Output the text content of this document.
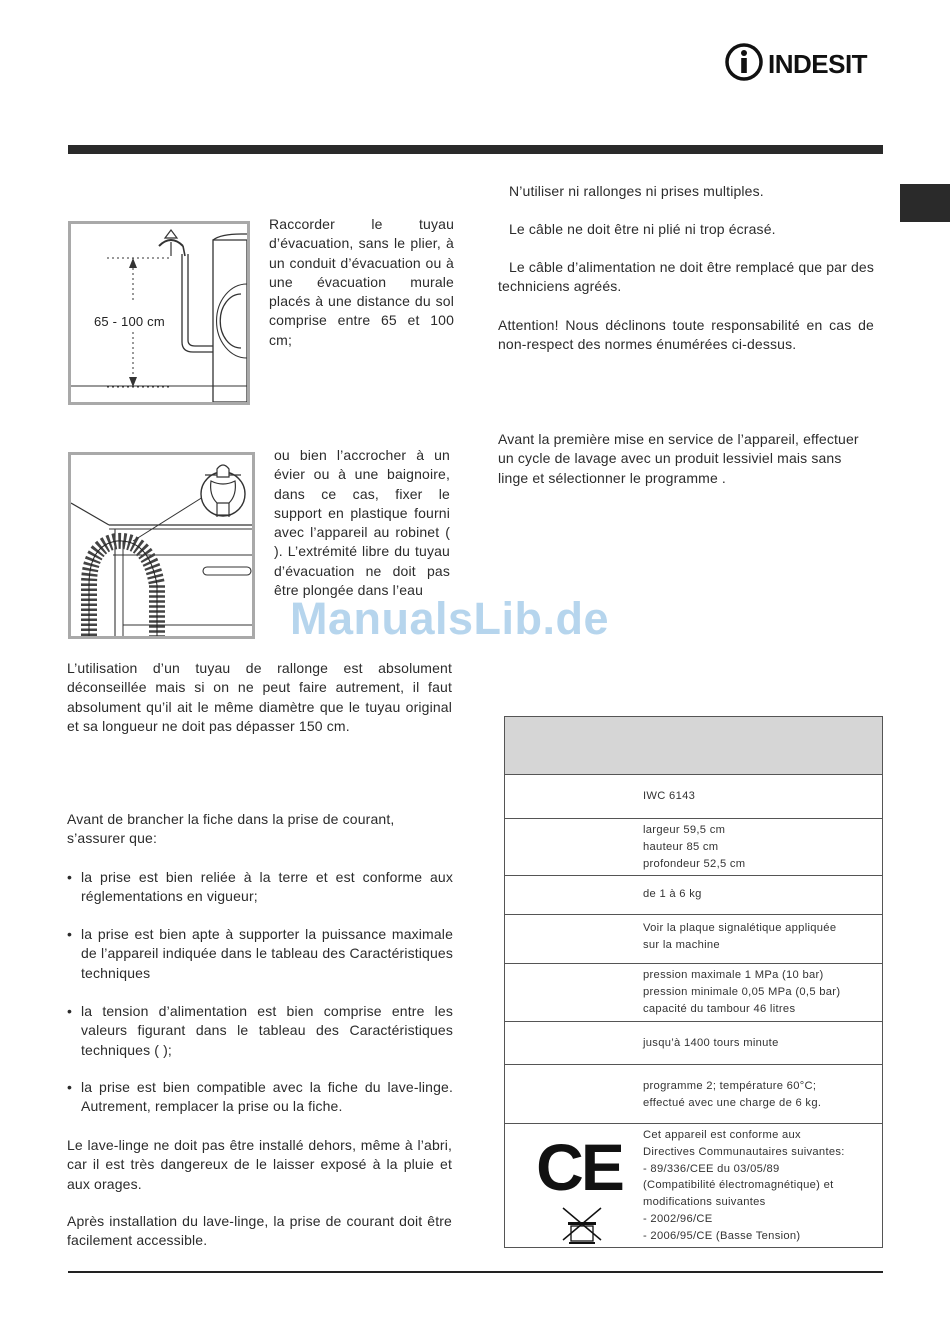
INDESIT
65 - 100 cm
Raccorder le tuyau d’évacuation, sans le plier, à un conduit d’évacuation ou à une évacuation murale placés à une distance du sol comprise entre 65 et 100 cm;
ou bien l’accrocher à un évier ou à une baignoire, dans ce cas, fixer le support en plastique fourni avec l’appareil au robinet ( ). L’extrémité libre du tuyau d’évacuation ne doit pas être plongée dans l’eau
ManualsLib.de
L’utilisation d’un tuyau de rallonge est absolument déconseillée mais si on ne peut faire autrement, il faut absolument qu’il ait le même diamètre que le tuyau original et sa longueur ne doit pas dépasser 150 cm.
Avant de brancher la fiche dans la prise de courant, s’assurer que:
• la prise est bien reliée à la terre et est conforme aux réglementations en vigueur;
• la prise est bien apte à supporter la puissance maximale de l’appareil indiquée dans le tableau des Caractéristiques techniques
• la tension d’alimentation est bien comprise entre les valeurs figurant dans le tableau des Caractéristiques techniques ( );
• la prise est bien compatible avec la fiche du lave-linge. Autrement, remplacer la prise ou la fiche.
Le lave-linge ne doit pas être installé dehors, même à l’abri, car il est très dangereux de le laisser exposé à la pluie et aux orages.
Après installation du lave-linge, la prise de courant doit être facilement accessible.
N’utiliser ni rallonges ni prises multiples.
Le câble ne doit être ni plié ni trop écrasé.
Le câble d’alimentation ne doit être remplacé que par des techniciens agréés.
Attention! Nous déclinons toute responsabilité en cas de non-respect des normes énumérées ci-dessus.
Avant la première mise en service de l’appareil, effectuer un cycle de lavage avec un produit lessiviel mais sans linge et sélectionner le programme .
IWC 6143
largeur 59,5 cm
hauteur 85 cm
profondeur 52,5 cm
de 1 à 6 kg
Voir la plaque signalétique appliquée
sur la machine
pression maximale 1 MPa (10 bar)
pression minimale 0,05 MPa (0,5 bar)
capacité du tambour 46 litres
jusqu’à 1400 tours minute
programme 2; température 60°C;
effectué avec une charge de 6 kg.
CE Cet appareil est conforme aux
Directives Communautaires suivantes:
- 89/336/CEE du 03/05/89
(Compatibilité électromagnétique) et
modifications suivantes
- 2002/96/CE
- 2006/95/CE (Basse Tension)
